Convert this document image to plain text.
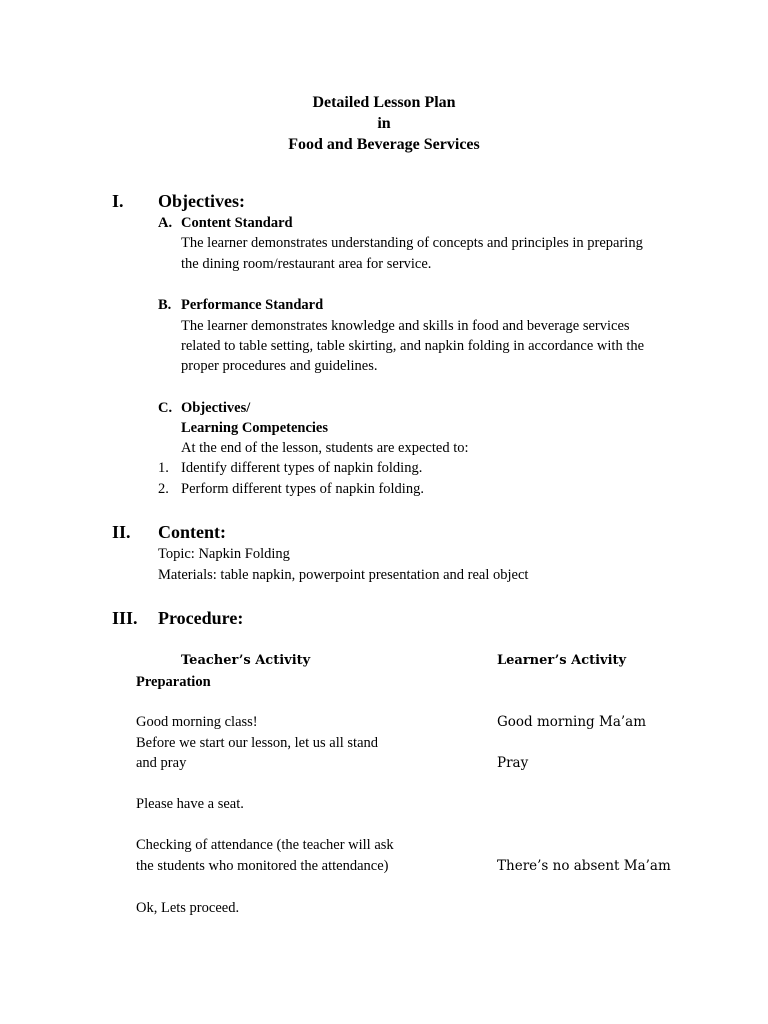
Detailed Lesson Plan
in
Food and Beverage Services
I. Objectives:
A. Content Standard
The learner demonstrates understanding of concepts and principles in preparing
the dining room/restaurant area for service.
B. Performance Standard
The learner demonstrates knowledge and skills in food and beverage services
related to table setting, table skirting, and napkin folding in accordance with the
proper procedures and guidelines.
C. Objectives/
Learning Competencies
At the end of the lesson, students are expected to:
1. Identify different types of napkin folding.
2. Perform different types of napkin folding.
II. Content:
Topic: Napkin Folding
Materials: table napkin, powerpoint presentation and real object
III. Procedure:
Teacher’s Activity	Learner’s Activity
Preparation
Good morning class!	Good morning Ma’am
Before we start our lesson, let us all stand
and pray	Pray
Please have a seat.
Checking of attendance (the teacher will ask
the students who monitored the attendance)	There’s no absent Ma’am
Ok, Lets proceed.
